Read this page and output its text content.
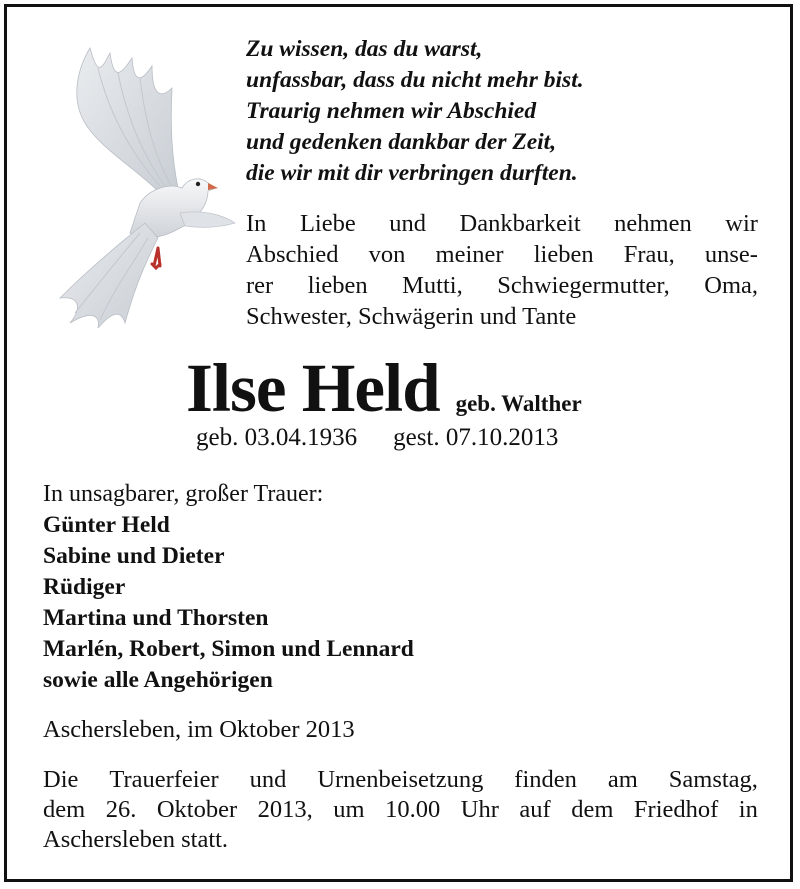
Zu wissen, das du warst,
unfassbar, dass du nicht mehr bist.
Traurig nehmen wir Abschied
und gedenken dankbar der Zeit,
die wir mit dir verbringen durften.
In Liebe und Dankbarkeit nehmen wir
Abschied von meiner lieben Frau, unse-
rer lieben Mutti, Schwiegermutter, Oma,
Schwester, Schwägerin und Tante
Ilse Held geb. Walther
geb. 03.04.1936 gest. 07.10.2013
In unsagbarer, großer Trauer:
Günter Held
Sabine und Dieter
Rüdiger
Martina und Thorsten
Marlén, Robert, Simon und Lennard
sowie alle Angehörigen
Aschersleben, im Oktober 2013
Die Trauerfeier und Urnenbeisetzung finden am Samstag,
dem 26. Oktober 2013, um 10.00 Uhr auf dem Friedhof in
Aschersleben statt.
